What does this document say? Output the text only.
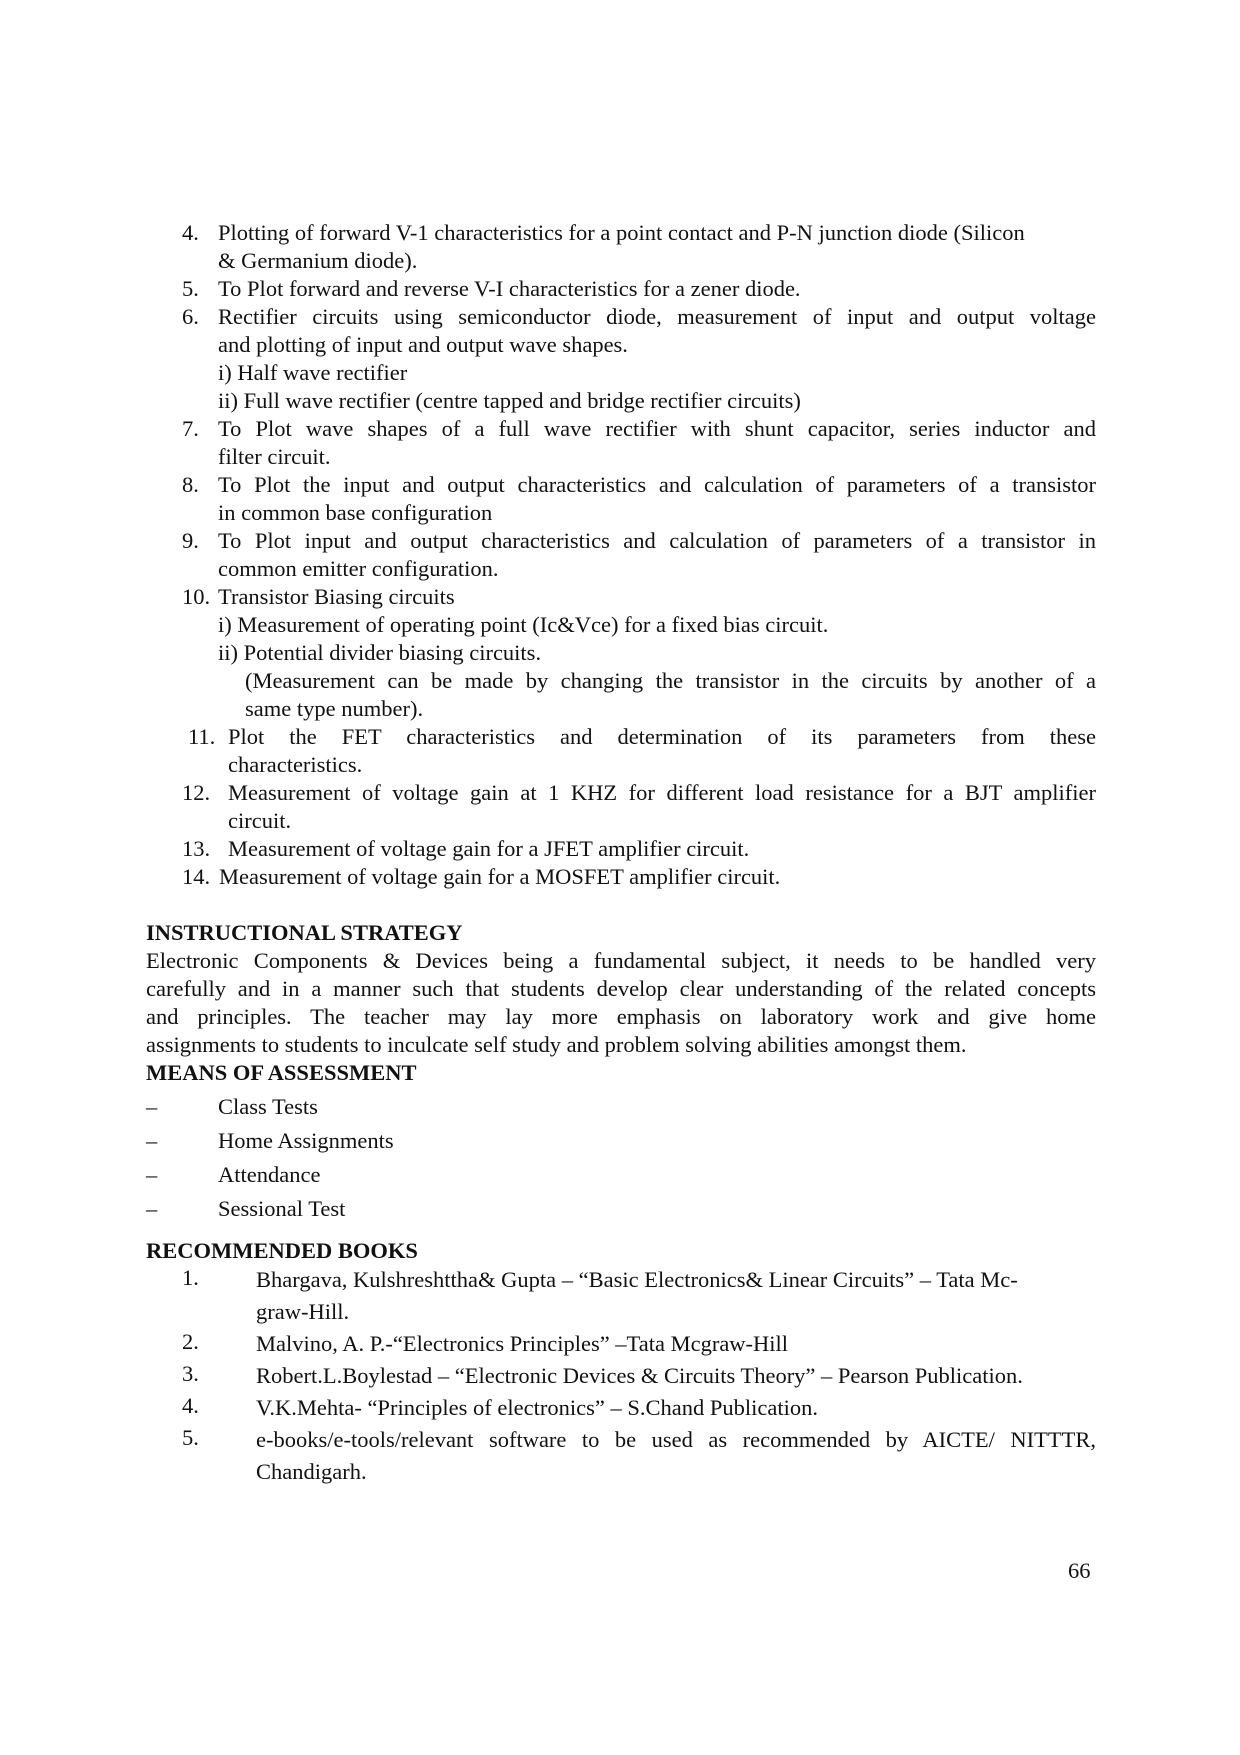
4. Plotting of forward V-1 characteristics for a point contact and P-N junction diode (Silicon
& Germanium diode).
5. To Plot forward and reverse V-I characteristics for a zener diode.
6. Rectifier circuits using semiconductor diode, measurement of input and output voltage
and plotting of input and output wave shapes.
i) Half wave rectifier
ii) Full wave rectifier (centre tapped and bridge rectifier circuits)
7. To Plot wave shapes of a full wave rectifier with shunt capacitor, series inductor and
filter circuit.
8. To Plot the input and output characteristics and calculation of parameters of a transistor
in common base configuration
9. To Plot input and output characteristics and calculation of parameters of a transistor in
common emitter configuration.
10. Transistor Biasing circuits
i) Measurement of operating point (Ic&Vce) for a fixed bias circuit.
ii) Potential divider biasing circuits.
(Measurement can be made by changing the transistor in the circuits by another of a
same type number).
11. Plot the FET characteristics and determination of its parameters from these
characteristics.
12. Measurement of voltage gain at 1 KHZ for different load resistance for a BJT amplifier
circuit.
13. Measurement of voltage gain for a JFET amplifier circuit.
14. Measurement of voltage gain for a MOSFET amplifier circuit.
INSTRUCTIONAL STRATEGY
Electronic Components & Devices being a fundamental subject, it needs to be handled very
carefully and in a manner such that students develop clear understanding of the related concepts
and principles. The teacher may lay more emphasis on laboratory work and give home
assignments to students to inculcate self study and problem solving abilities amongst them.
MEANS OF ASSESSMENT
–	Class Tests
–	Home Assignments
–	Attendance
–	Sessional Test
RECOMMENDED BOOKS
1.	Bhargava, Kulshreshttha& Gupta – “Basic Electronics& Linear Circuits” – Tata Mc-
graw-Hill.
2.	Malvino, A. P.-“Electronics Principles” –Tata Mcgraw-Hill
3.	Robert.L.Boylestad – “Electronic Devices & Circuits Theory” – Pearson Publication.
4.	V.K.Mehta- “Principles of electronics” – S.Chand Publication.
5.	e-books/e-tools/relevant software to be used as recommended by AICTE/ NITTTR,
Chandigarh.
66
